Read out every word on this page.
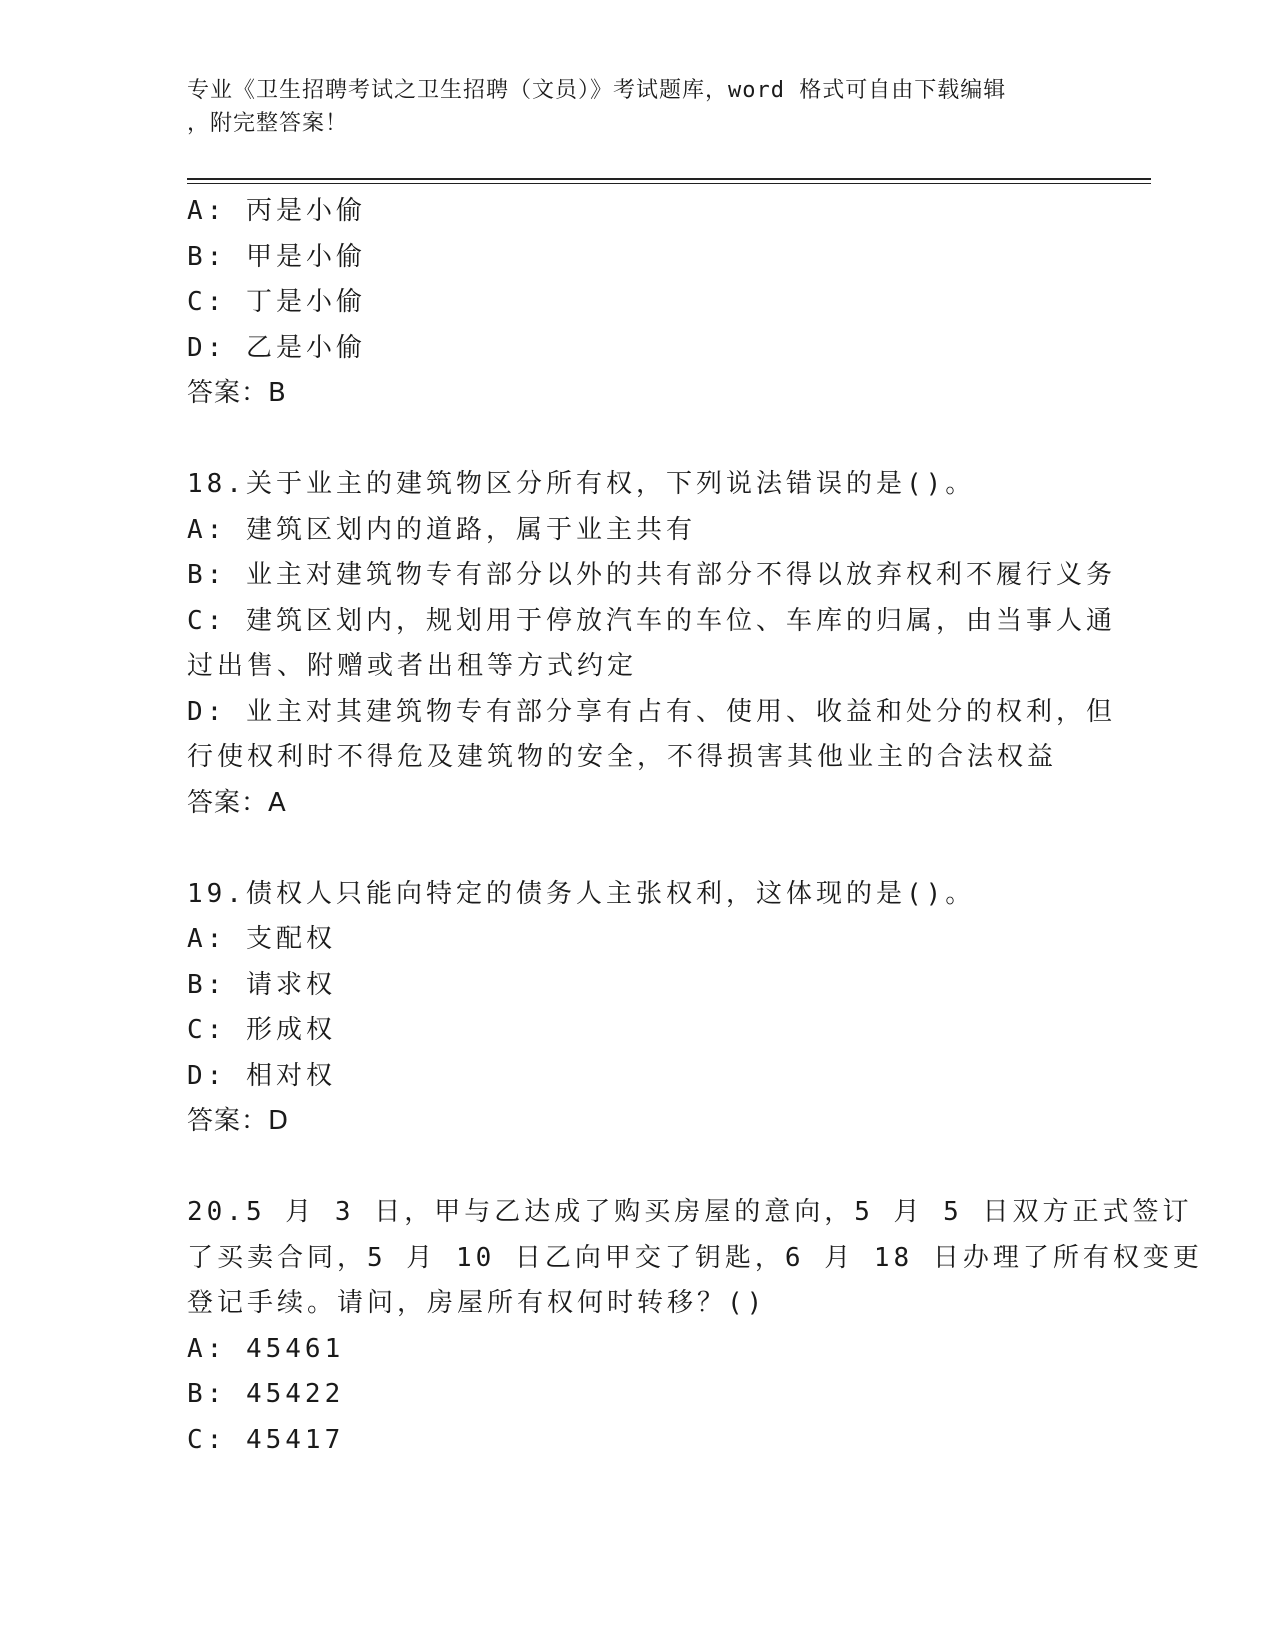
专业《卫生招聘考试之卫生招聘（文员）》考试题库，word 格式可自由下载编辑
，附完整答案！
A: 丙是小偷
B: 甲是小偷
C: 丁是小偷
D: 乙是小偷
答案：B
18.关于业主的建筑物区分所有权，下列说法错误的是()。
A: 建筑区划内的道路，属于业主共有
B: 业主对建筑物专有部分以外的共有部分不得以放弃权利不履行义务
C: 建筑区划内，规划用于停放汽车的车位、车库的归属，由当事人通
过出售、附赠或者出租等方式约定
D: 业主对其建筑物专有部分享有占有、使用、收益和处分的权利，但
行使权利时不得危及建筑物的安全，不得损害其他业主的合法权益
答案：A
19.债权人只能向特定的债务人主张权利，这体现的是()。
A: 支配权
B: 请求权
C: 形成权
D: 相对权
答案：D
20.5 月 3 日，甲与乙达成了购买房屋的意向，5 月 5 日双方正式签订
了买卖合同，5 月 10 日乙向甲交了钥匙，6 月 18 日办理了所有权变更
登记手续。请问，房屋所有权何时转移？()
A: 45461
B: 45422
C: 45417
